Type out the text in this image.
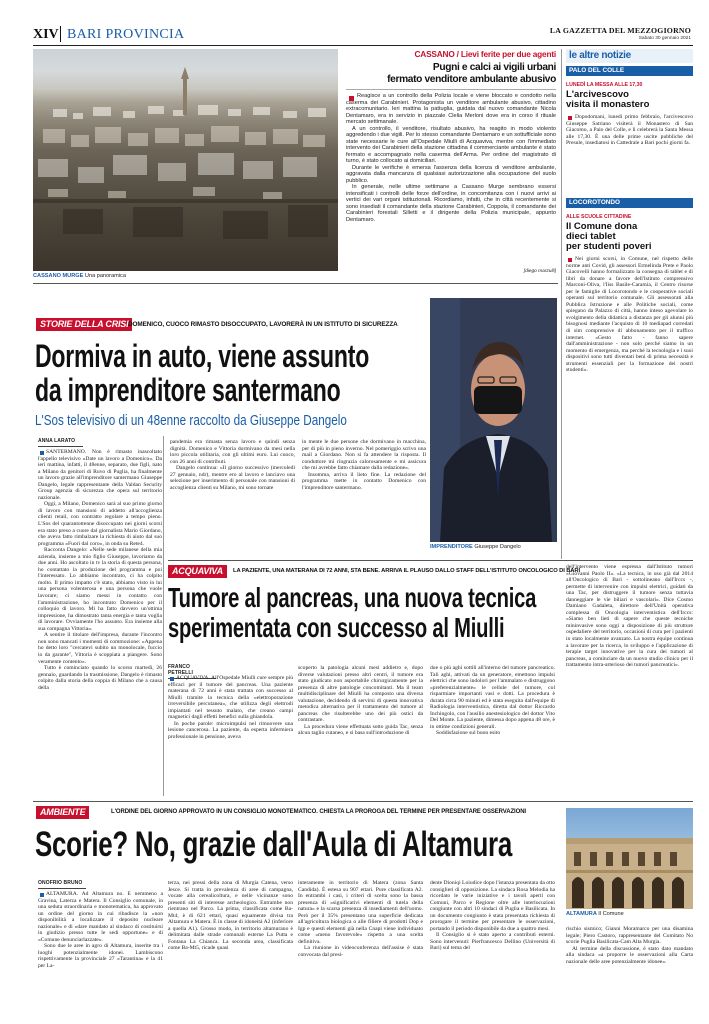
XIV BARI PROVINCIA	LA GAZZETTA DEL MEZZOGIORNO
Sabato 30 gennaio 2021
CASSANO MURGE Una panoramica
CASSANO / Lievi ferite per due agenti
Pugni e calci ai vigili urbani
fermato venditore ambulante abusivo

Reagisce a un controllo della Polizia locale e viene bloccato e condotto nella caserma dei Carabinieri. Protagonista un venditore ambulante abusivo, cittadino extracomunitario. Ieri mattina la pattuglia, guidata dal nuovo comandante Nicola Dentamaro, era in servizio in piazzale Clelia Merloni dove era in corso il rituale mercato settimanale.

A un controllo, il venditore, risultato abusivo, ha reagito in modo violento aggredendo i due vigili. Per lo stesso comandante Dentamaro e un sottufficiale sono state necessarie le cure all'Ospedale Miulli di Acquaviva, mentre con l'immediato intervento dei Carabinieri della stazione cittadina il commerciante ambulante è stato fermato e accompagnato nella caserma dell'Arma. Per ordine del magistrato di turno, è stato collocato ai domiciliari.

Durante le verifiche è emersa l'assenza della licenza di venditore ambulante, aggravata dalla mancanza di qualsiasi autorizzazione alla occupazione del suolo pubblico.

In generale, nelle ultime settimane a Cassano Murge sembrano essersi intensificati i controlli delle forze dell'ordine, in concomitanza con i nuovi arrivi ai vertici dei vari organi istituzionali. Ricordiamo, infatti, che in città recentemente si sono insediati il comandante della stazione Carabinieri, Coppola, il comandante dei Carabinieri forestali Silletti e il dirigente della Polizia municipale, appunto Dentamaro.

[diego marzulli]
le altre notizie
PALO DEL COLLE
LUNEDÌ LA MESSA ALLE 17,30
L'arcivescovo
visita il monastero

Dopodomani, lunedì primo febbraio, l'arcivescovo Giuseppe Satriano visiterà il Monastero di San Giacomo, a Palo del Colle, e lì celebrerà la Santa Messa alle 17,30. È una delle prime uscite pubbliche del Presule, insediatosi in Cattedrale a Bari pochi giorni fa.

LOCOROTONDO
ALLE SCUOLE CITTADINE
Il Comune dona
dieci tablet
per studenti poveri

Nei giorni scorsi, in Comune, nel rispetto delle norme anti Covid, gli assessori Ermelinda Prete e Paolo Giacovelli hanno formalizzato la consegna di tablet e di libri da donare a favore dell'Istituto comprensivo Marconi-Oliva, l'Iiss Basile-Caramia, il Centro risorse per le famiglie di Locorotondo e le cooperative sociali operanti sul territorio comunale. Gli assessorati alla Pubblica Istruzione e alle Politiche sociali, come spiegano da Palazzo di città, hanno inteso agevolare lo svolgimento della didattica a distanza per gli alunni più bisognosi mediante l'acquisto di 10 mediapad corredati di sim comprensive di abbonamento per il traffico internet. «Gesto fatto - fanno sapere dall'amministrazione - non solo perché siamo in un momento di emergenza, ma perché la tecnologia e i suoi dispositivi sono tutti diventati beni di prima necessità e strumenti essenziali per la formazione dei nostri studenti».

STORIE DELLA CRISI DOMENICO, CUOCO RIMASTO DISOCCUPATO, LAVORERÀ IN UN ISTITUTO DI SICUREZZA
Dormiva in auto, viene assunto
da imprenditore santermano
L'Sos televisivo di un 48enne raccolto da Giuseppe Dangelo
ANNA LARATO

SANTERMANO. Non è rimasto inascoltato l'appello televisivo «Date un lavoro a Domenico». Da ieri mattina, infatti, il 48enne, separato, due figli, nato a Milano da genitori di Ruvo di Puglia, ha finalmente un lavoro grazie all'imprenditore santermano Giuseppe Dangelo, legale rappresentante della Valdan Security Group agenzia di sicurezza che opera sul territorio nazionale.

Oggi, a Milano, Domenico sarà al suo primo giorno di lavoro con mansioni di addetto all'accoglienza clienti retail, con contratto regolare a tempo pieno. L'Sos del quarantottenne disoccupato nei giorni scorsi era stato preso a cuore dal giornalista Mario Giordano, che aveva fatto rimbalzare la richiesta di aiuto dal suo programma «Fuori dal coro», in onda su Rete4.

Racconta Dangelo: «Nelle sede milanese della mia azienda, insieme a mio figlio Giuseppe, lavoriamo da due anni. Ho ascoltato in tv la storia di questa persona, ho contattato la produzione del programma e poi l'interessato. Lo abbiamo incontrato, ci ha colpito molto. Il primo impatto c'è stato, abbiamo visto in lui una persona volenterosa e una persona che vuole lavorare; ci siamo messi in contatto con l'amministrazione, ho incontrato Domenico per il colloquio di lavoro. Mi ha fatto davvero un'ottima impressione, ha dimostrato tanta energia e tanta voglia di lavorare. Ovviamente l'ho assunto. Era insieme alla sua compagna Vittoria».

A sentire il titolare dell'impresa, durante l'incontro non sono mancati i momenti di commozione: «Appena ho detto loro "cercatevi subito un monolocale, fuccio io da garante", Vittoria è scoppiata a piangere. Sono veramente contento».

Tutto è cominciato quando lo scorso martedì, 26 gennaio, guardando la trasmissione, Dangelo è rimasto colpito dalla storia della coppia di Milano che a causa della

pandemia era rimasta senza lavoro e quindi senza dignità. Domenico e Vittoria dormivano da mesi nella loro piccola utilitaria, con gli ultimi euro. Lui cuoco, con 26 anni di contributi.

Dangelo continua: «Il giorno successivo (mercoledì 27 gennaio, ndr), mentre ero al lavoro e lanciavo una selezione per inserimento di personale con mansioni di accoglienza clienti su Milano, mi sono tornate

in mente le due persone che dormivano in macchina, per di più in pieno inverno. Nel pomeriggio scrivo una mail a Giordano. Non si fa attendere la risposta. Il conduttore mi ringrazia calorosamente e mi assicura che mi avrebbe fatto chiamare dalla redazione».

Insomma, arriva il lieto fine. La redazione del programma mette in contatto Domenico con l'imprenditore santermano.

IMPRENDITORE Giuseppe Dangelo
ACQUAVIVA	LA PAZIENTE, UNA MATERANA DI 72 ANNI, STA BENE. ARRIVA IL PLAUSO DALLO STAFF DELL'ISTITUTO ONCOLOGICO DI BARI
Tumore al pancreas, una nuova tecnica
sperimentata con successo al Miulli
FRANCO PETRELLI

ACQUAVIVA. All'Ospedale Miulli cure sempre più efficaci per il tumore del pancreas. Una paziente materana di 72 anni è stata trattata con successo al Miulli tramite la tecnica della «elettroporazione irreversibile percutanea», che utilizza degli elettrodi impiantati nel tessuto malato, che creano campi magnetici dagli effetti benefici sulla ghiandola.

In poche parole: microimpulsi nel rimuovere una lesione cancerosa. La paziente, da esperta infermiera professionale in pensione, aveva

scoperto la patologia alcuni mesi addietro e, dopo diverse valutazioni presso altri centri, il tumore era stato giudicato non asportabile chirurgicamente per la presenza di altre patologie concomitanti. Ma il team multidisciplinare del Miulli ha composto una diversa valutazione, decidendo di servirsi di questa innovativa metodica alternativa per il trattamento del tumore al pancreas che risulterebbe uno dei più ostici da contrastare.

La procedura viene effettuata sotto guida Tac, senza alcun taglio cutaneo, e si basa sull'introduzione di

due o più aghi sottili all'interno del tumore pancreatico. Tali aghi, attivati da un generatore, emettono impulsi elettrici che sono indolori per l'ammalato e distruggono «preferenzialmente» le cellule del tumore, col risparmiare importanti vasi e dotti. La procedura è durata circa 90 minuti ed è stata eseguita dall'equipe di Radiologia interventistica, diretta dal dottor Riccardo Inchingolo, con l'ausilio anestesiologico del dottor Vito Del Monte. La paziente, dimessa dopo appena 48 ore, è in ottime condizioni generali.

Soddisfazione sul buon esito

dell'intervento viene espressa dall'Istituto tumori «Giovanni Paolo II». «La tecnica, in uso già dal 2014 all'Oncologico di Bari - sottolineano dall'Irccs -, permette di intervenire con impulsi elettrici, guidati da una Tac, per distruggere il tumore senza tuttavia danneggiare le vie biliari e vascolari». Dice Cosmo Damiano Gadaleta, direttore dell'Unità operativa complessa di Oncologia interventistica dell'Irccs: «Siamo ben lieti di sapere che queste tecniche mininvasive sono oggi a disposizione di più strutture ospedaliere del territorio, occasioni di cura per i pazienti in stato localmente avanzato. La nostra équipe continua a lavorare per la ricerca, lo sviluppo e l'applicazione di terapie target innovative per la cura dei tumori al pancreas, a cominciare da un nuovo studio clinico per il trattamento intra-arterioso dei tumori pancreatici».

AMBIENTE	L'ORDINE DEL GIORNO APPROVATO IN UN CONSIGLIO MONOTEMATICO. CHIESTA LA PROROGA DEL TERMINE PER PRESENTARE OSSERVAZIONI
Scorie? No, grazie dall'Aula di Altamura
ONOFRIO BRUNO

ALTAMURA. Ad Altamura no. E nemmeno a Gravina, Laterza e Matera. Il Consiglio comunale, in una seduta straordinaria e monotematica, ha approvato un ordine del giorno in cui ribadisce la «non disponibilità a localizzare il deposito nucleare nazionale» e di «dare mandato al sindaco di costituirsi in giudizio presso tutte le sedi opportune» e di «Comune denunciarlazzate».

Sono due le aree in agro di Altamura, inserite tra i luoghi potenzialmente idonei. Lambiscono rispettivamente la provinciale 27 «Tarantina» e la 41 per La-

terza, nei pressi della zona di Murgia Catena, verso Jesce. Si tratta in prevalenza di aree di campagna, vocate alla cerealicoltura, e nelle vicinanze sono presenti siti di interesse archeologico. Entrambe non rientrano nel Parco. La prima, classificata come Ba-Mt4, è di 621 ettari, quasi equamente divisa tra Altamura e Matera. È in classe di idoneità A2 (inferiore a quella A1). Grosso modo, in territorio altamurano è delimitata dalle strade comunali esterne La Putta e Fontana La Chianca. La seconda area, classificata come Ba-Mt5, ricade quasi

interamente in territorio di Matera (zona Santa Candida). È estesa su 907 ettari. Pure classificata A2. In entrambi i casi, i criteri di scelta sono la bassa presenza di «significativi elementi di tutela della natura» e la scarsa presenza di insediamenti dell'uomo. Però per il 35% presentano una superficie dedicata all'agricoltura biologica o alle filiere di prodotti Dop e Igp e questi elementi già nella Cnapi viene individuato come «meno favorevole» rispetto a una scelta definitiva.

La riunione in videoconferenza dell'assise è stata convocata dal presi-

dente Dioniqi Loiudice dopo l'istanza presentata da otto consiglieri di opposizione. La sindaca Rosa Melodia ha ricordato le varie iniziative e i tavoli aperti con Comuni, Parco e Regione oltre alle interlocuzioni congiunte con altri 10 sindaci di Puglia e Basilicata. In un documento congiunto è stata presentata richiesta di prorogare il termine per presentare le osservazioni, portando il periodo disponibile da due a quattro mesi.

Il Consiglio si è stato aperto a contributi esterni. Sono intervenuti: Pierfrancesco Dellino (Università di Bari) sul tema del

ALTAMURA Il Comune

rischio sismico; Gianni Moramarco per una disamina legale; Piero Castoro, rappresentante del Comitato No scorie Puglia Basilicata-Cam Alta Murgia.

Al termine della discussione, è stato dato mandato alla sindaca «a proporre le osservazioni alla Carta nazionale delle aree potenzialmente idonee».
